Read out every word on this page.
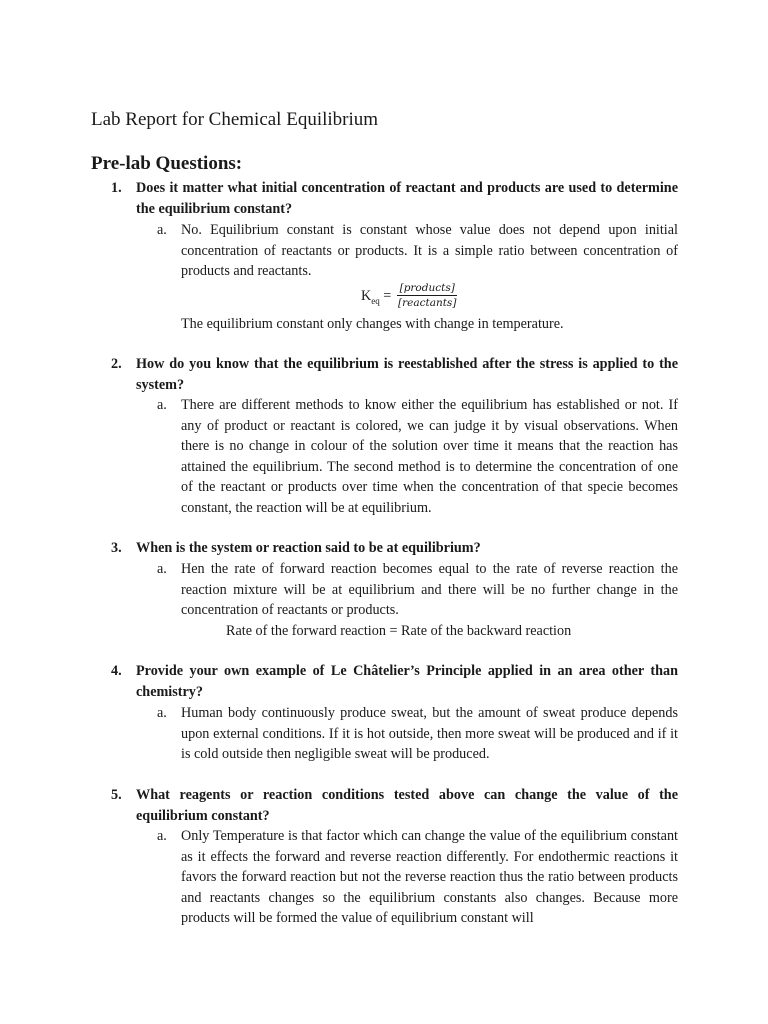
Lab Report for Chemical Equilibrium
Pre-lab Questions:
1. Does it matter what initial concentration of reactant and products are used to determine the equilibrium constant?

a. No. Equilibrium constant is constant whose value does not depend upon initial concentration of reactants or products. It is a simple ratio between concentration of products and reactants.

$K_{eq}$ = [products]
[reactants]
The equilibrium constant only changes with change in temperature.
2. How do you know that the equilibrium is reestablished after the stress is applied to the system?

a. There are different methods to know either the equilibrium has established or not. If any of product or reactant is colored, we can judge it by visual observations. When there is no change in colour of the solution over time it means that the reaction has attained the equilibrium. The second method is to determine the concentration of one of the reactant or products over time when the concentration of that specie becomes constant, the reaction will be at equilibrium.

3. When is the system or reaction said to be at equilibrium?

a. Hen the rate of forward reaction becomes equal to the rate of reverse reaction the reaction mixture will be at equilibrium and there will be no further change in the concentration of reactants or products.

Rate of the forward reaction = Rate of the backward reaction
4. Provide your own example of Le Châtelier’s Principle applied in an area other than chemistry?

a. Human body continuously produce sweat, but the amount of sweat produce depends upon external conditions. If it is hot outside, then more sweat will be produced and if it is cold outside then negligible sweat will be produced.

5. What reagents or reaction conditions tested above can change the value of the equilibrium constant?

a. Only Temperature is that factor which can change the value of the equilibrium constant as it effects the forward and reverse reaction differently. For endothermic reactions it favors the forward reaction but not the reverse reaction thus the ratio between products and reactants changes so the equilibrium constants also changes. Because more products will be formed the value of equilibrium constant will
